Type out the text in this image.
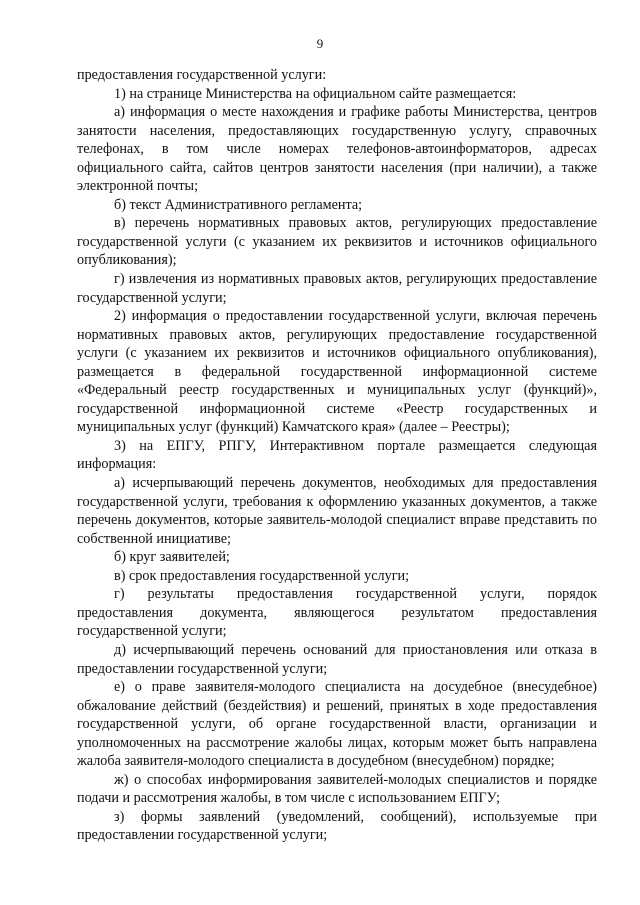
9

предоставления государственной услуги:

1) на странице Министерства на официальном сайте размещается:

а) информация о месте нахождения и графике работы Министерства, центров занятости населения, предоставляющих государственную услугу, справочных телефонах, в том числе номерах телефонов-автоинформаторов, адресах официального сайта, сайтов центров занятости населения (при наличии), а также электронной почты;

б) текст Административного регламента;

в) перечень нормативных правовых актов, регулирующих предоставление государственной услуги (с указанием их реквизитов и источников официального опубликования);

г) извлечения из нормативных правовых актов, регулирующих предоставление государственной услуги;

2) информация о предоставлении государственной услуги, включая перечень нормативных правовых актов, регулирующих предоставление государственной услуги (с указанием их реквизитов и источников официального опубликования), размещается в федеральной государственной информационной системе «Федеральный реестр государственных и муниципальных услуг (функций)», государственной информационной системе «Реестр государственных и муниципальных услуг (функций) Камчатского края» (далее – Реестры);

3) на ЕПГУ, РПГУ, Интерактивном портале размещается следующая информация:

а) исчерпывающий перечень документов, необходимых для предоставления государственной услуги, требования к оформлению указанных документов, а также перечень документов, которые заявитель-молодой специалист вправе представить по собственной инициативе;

б) круг заявителей;

в) срок предоставления государственной услуги;

г) результаты предоставления государственной услуги, порядок предоставления документа, являющегося результатом предоставления государственной услуги;

д) исчерпывающий перечень оснований для приостановления или отказа в предоставлении государственной услуги;

е) о праве заявителя-молодого специалиста на досудебное (внесудебное) обжалование действий (бездействия) и решений, принятых в ходе предоставления государственной услуги, об органе государственной власти, организации и уполномоченных на рассмотрение жалобы лицах, которым может быть направлена жалоба заявителя-молодого специалиста в досудебном (внесудебном) порядке;

ж) о способах информирования заявителей-молодых специалистов и порядке подачи и рассмотрения жалобы, в том числе с использованием ЕПГУ;

з) формы заявлений (уведомлений, сообщений), используемые при предоставлении государственной услуги;
